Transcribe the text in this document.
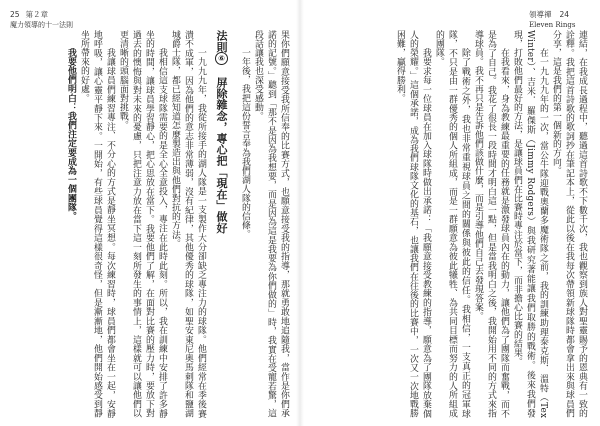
25 第２章
魔力領導的十一法則

果你們願意接受我所信奉的比賽方式，也願意接受我的指導，那就勇敢地追隨我，當作是你們承諾的記號。」聽到「那不是因為我想要，而是因為這是我要為你們做的」時，我實在受寵若驚，這段話讓我也深受感動。

一年後，我把這份誓言奉為我們湖人隊的信條。

法則⑥　屏除雜念，專心把「現在」做好

一九九九年，我從所接手的湖人隊是一支製作大分卻缺乏專注力的球隊。他們經常在季後賽潰不成軍，因為他們的意志非常薄弱，沒有紀律，其他優秀的球隊，如聖安東尼奧馬刺隊和鹽湖城爵士隊，都已經知道怎麼製造出與他們對抗的方法。

我相信這支球隊需要的是全心全意投入，專注在此時此刻。所以，我在訓練中安排了許多靜坐的時間，讓球員學習靜心，把心思放在當下。我要他們了解，在面對比賽的壓力時，要放下對過去的懊悔與對未來的憂慮，只把注意力放在當下這一刻所發生的事情上，這樣就可以讓他們以更清晰的頭腦面對挑戰。

我讓球員們練習專注、不分心的方式是靜坐冥想。每次練習時，球員們都會坐在一起，安靜地呼吸，讓心靈平靜下來。一開始，有些球員覺得這樣很奇怪，但是漸漸地，他們開始感受到靜坐所帶來的好處。

我要他們明白：我們注定要成為一個團隊。

領導禪 24
Eleven Rings

連結，在我成長過程中，聽過這首詩歌不下數千次，我也觀察到族人對聖靈賜予的恩典有一致的詮釋。我把這首詩歌的歌詞抄在筆記本上，從此以後在我每次帶領新球隊時都會拿出來與球員們分享，這是我們的第一個新的方向。

在一九九九年的一次，當公牛隊迎戰奧蘭多魔術隊之前，我的訓練助理泰克斯．溫特（Tex Winter）、吉米．羅傑斯（Jimmy Rodgers）與我研究著能讓我們取勝的戰術。後來我們發現，打敗他們最好的方法，是讓球員們在比賽時專注於當下，而非擔心比賽的結果。

在我看來，身為教練最重要的任務就是激發球員內在的動力，讓他們為了團隊而奮戰，而不是為了自己。我花了很長一段時間才明白這一點，但是當我明白之後，我開始用不同的方式來指導球員。我不再只是告訴他們該做什麼，而是引導他們自己去發現答案。

除了戰術之外，我也非常重視球員之間的關係與彼此的信任。我相信，一支真正的冠軍球隊，不只是由一群優秀的個人所組成，而是一群願意為彼此犧牲、為共同目標而努力的人所組成的團隊。

我要求每一位球員在加入球隊時做出承諾：「我願意接受教練的指導，願意為了團隊放棄個人的榮耀。」這個承諾，成為我們球隊文化的基石，也讓我們在往後的比賽中，一次又一次地戰勝困難，贏得勝利。
